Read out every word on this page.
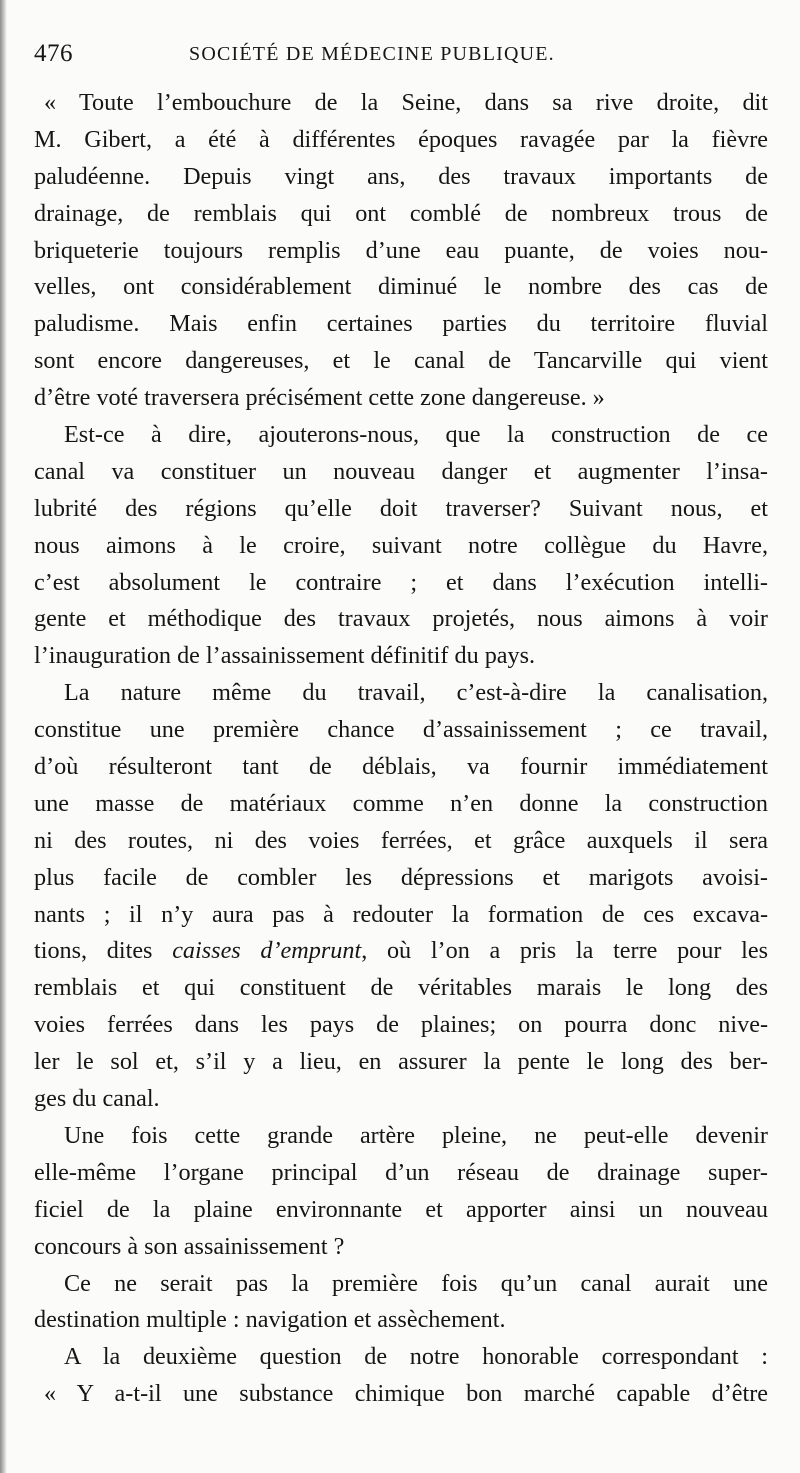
476	SOCIÉTÉ DE MÉDECINE PUBLIQUE.
« Toute l’embouchure de la Seine, dans sa rive droite, dit
M. Gibert, a été à différentes époques ravagée par la fièvre
paludéenne. Depuis vingt ans, des travaux importants de
drainage, de remblais qui ont comblé de nombreux trous de
briqueterie toujours remplis d’une eau puante, de voies nou-
velles, ont considérablement diminué le nombre des cas de
paludisme. Mais enfin certaines parties du territoire fluvial
sont encore dangereuses, et le canal de Tancarville qui vient
d’être voté traversera précisément cette zone dangereuse. »
Est-ce à dire, ajouterons-nous, que la construction de ce
canal va constituer un nouveau danger et augmenter l’insa-
lubrité des régions qu’elle doit traverser? Suivant nous, et
nous aimons à le croire, suivant notre collègue du Havre,
c’est absolument le contraire ; et dans l’exécution intelli-
gente et méthodique des travaux projetés, nous aimons à voir
l’inauguration de l’assainissement définitif du pays.
La nature même du travail, c’est-à-dire la canalisation,
constitue une première chance d’assainissement ; ce travail,
d’où résulteront tant de déblais, va fournir immédiatement
une masse de matériaux comme n’en donne la construction
ni des routes, ni des voies ferrées, et grâce auxquels il sera
plus facile de combler les dépressions et marigots avoisi-
nants ; il n’y aura pas à redouter la formation de ces excava-
tions, dites caisses d’emprunt, où l’on a pris la terre pour les
remblais et qui constituent de véritables marais le long des
voies ferrées dans les pays de plaines; on pourra donc nive-
ler le sol et, s’il y a lieu, en assurer la pente le long des ber-
ges du canal.
Une fois cette grande artère pleine, ne peut-elle devenir
elle-même l’organe principal d’un réseau de drainage super-
ficiel de la plaine environnante et apporter ainsi un nouveau
concours à son assainissement ?
Ce ne serait pas la première fois qu’un canal aurait une
destination multiple : navigation et assèchement.
A la deuxième question de notre honorable correspondant :
« Y a-t-il une substance chimique bon marché capable d’être
